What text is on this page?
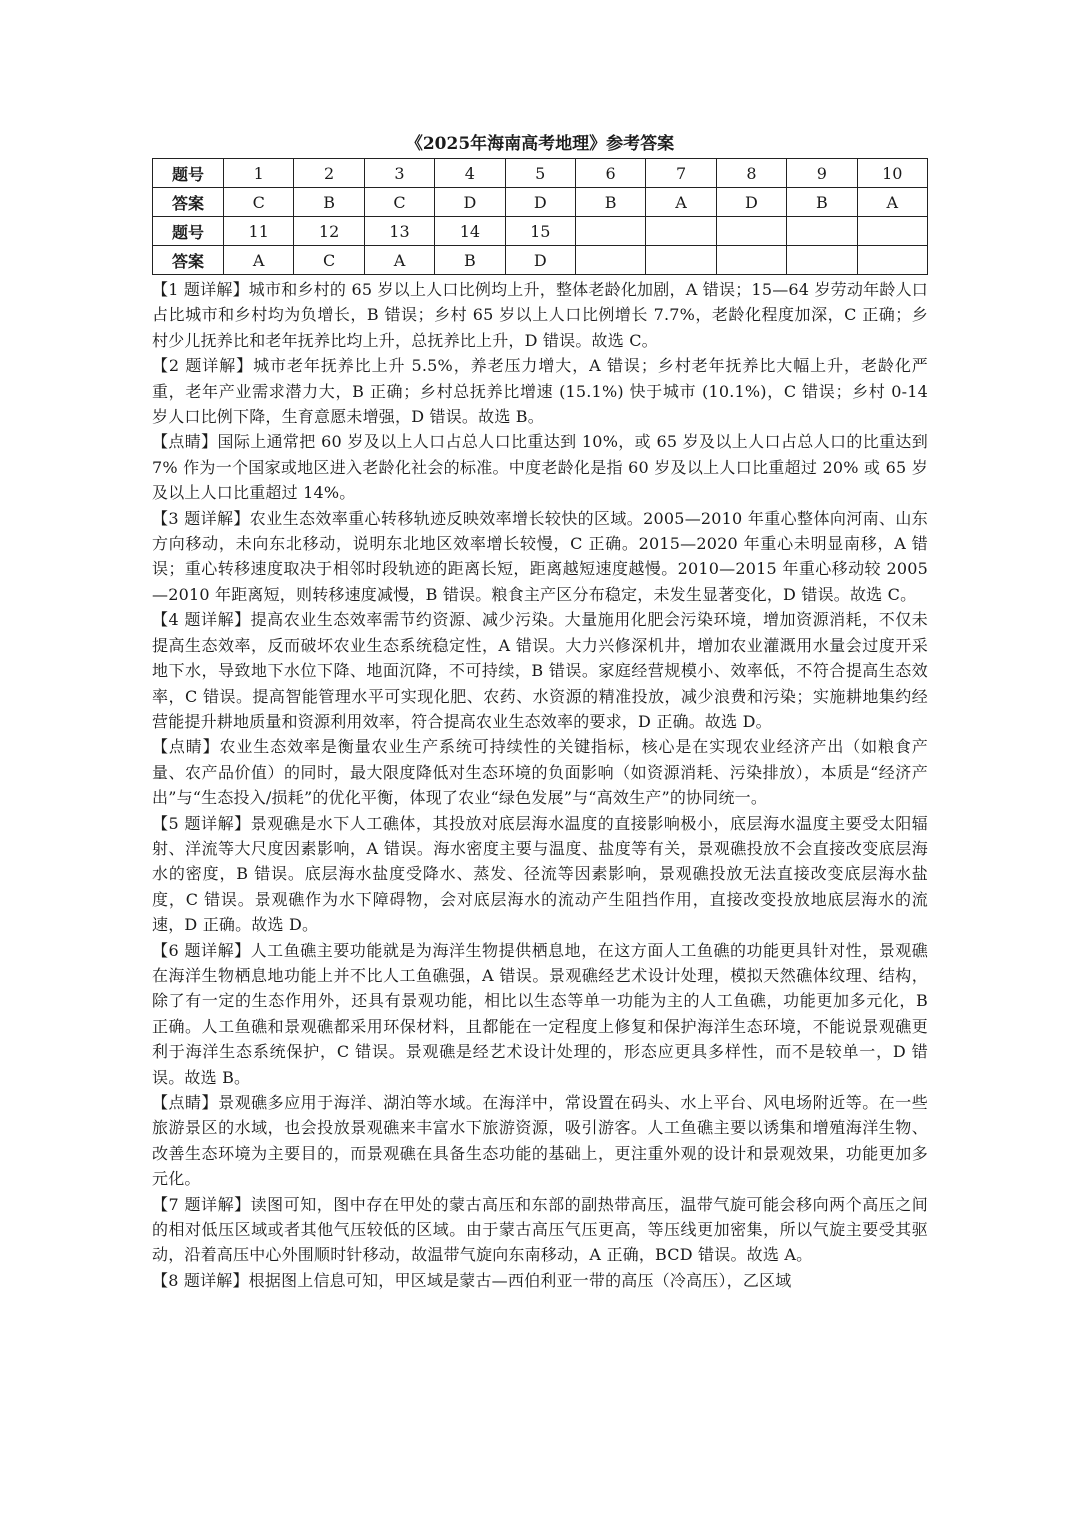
《2025年海南高考地理》参考答案
题号	1	2	3	4	5	6	7	8	9	10
答案	C	B	C	D	D	B	A	D	B	A
题号	11	12	13	14	15					
答案	A	C	A	B	D					

【1 题详解】城市和乡村的 65 岁以上人口比例均上升，整体老龄化加剧，A 错误；15—64 岁劳动年龄人口占比城市和乡村均为负增长，B 错误；乡村 65 岁以上人口比例增长 7.7%，老龄化程度加深，C 正确；乡村少儿抚养比和老年抚养比均上升，总抚养比上升，D 错误。故选 C。

【2 题详解】城市老年抚养比上升 5.5%，养老压力增大，A 错误；乡村老年抚养比大幅上升，老龄化严重，老年产业需求潜力大，B 正确；乡村总抚养比增速 (15.1%) 快于城市 (10.1%)，C 错误；乡村 0-14 岁人口比例下降，生育意愿未增强，D 错误。故选 B。

【点睛】国际上通常把 60 岁及以上人口占总人口比重达到 10%，或 65 岁及以上人口占总人口的比重达到 7% 作为一个国家或地区进入老龄化社会的标准。中度老龄化是指 60 岁及以上人口比重超过 20% 或 65 岁及以上人口比重超过 14%。

【3 题详解】农业生态效率重心转移轨迹反映效率增长较快的区域。2005—2010 年重心整体向河南、山东方向移动，未向东北移动，说明东北地区效率增长较慢，C 正确。2015—2020 年重心未明显南移，A 错误；重心转移速度取决于相邻时段轨迹的距离长短，距离越短速度越慢。2010—2015 年重心移动较 2005—2010 年距离短，则转移速度减慢，B 错误。粮食主产区分布稳定，未发生显著变化，D 错误。故选 C。

【4 题详解】提高农业生态效率需节约资源、减少污染。大量施用化肥会污染环境，增加资源消耗，不仅未提高生态效率，反而破坏农业生态系统稳定性，A 错误。大力兴修深机井，增加农业灌溉用水量会过度开采地下水，导致地下水位下降、地面沉降，不可持续，B 错误。家庭经营规模小、效率低，不符合提高生态效率，C 错误。提高智能管理水平可实现化肥、农药、水资源的精准投放，减少浪费和污染；实施耕地集约经营能提升耕地质量和资源利用效率，符合提高农业生态效率的要求，D 正确。故选 D。

【点睛】农业生态效率是衡量农业生产系统可持续性的关键指标，核心是在实现农业经济产出（如粮食产量、农产品价值）的同时，最大限度降低对生态环境的负面影响（如资源消耗、污染排放），本质是“经济产出”与“生态投入/损耗”的优化平衡，体现了农业“绿色发展”与“高效生产”的协同统一。

【5 题详解】景观礁是水下人工礁体，其投放对底层海水温度的直接影响极小，底层海水温度主要受太阳辐射、洋流等大尺度因素影响，A 错误。海水密度主要与温度、盐度等有关，景观礁投放不会直接改变底层海水的密度，B 错误。底层海水盐度受降水、蒸发、径流等因素影响，景观礁投放无法直接改变底层海水盐度，C 错误。景观礁作为水下障碍物，会对底层海水的流动产生阻挡作用，直接改变投放地底层海水的流速，D 正确。故选 D。

【6 题详解】人工鱼礁主要功能就是为海洋生物提供栖息地，在这方面人工鱼礁的功能更具针对性，景观礁在海洋生物栖息地功能上并不比人工鱼礁强，A 错误。景观礁经艺术设计处理，模拟天然礁体纹理、结构，除了有一定的生态作用外，还具有景观功能，相比以生态等单一功能为主的人工鱼礁，功能更加多元化，B 正确。人工鱼礁和景观礁都采用环保材料，且都能在一定程度上修复和保护海洋生态环境，不能说景观礁更利于海洋生态系统保护，C 错误。景观礁是经艺术设计处理的，形态应更具多样性，而不是较单一，D 错误。故选 B。

【点睛】景观礁多应用于海洋、湖泊等水域。在海洋中，常设置在码头、水上平台、风电场附近等。在一些旅游景区的水域，也会投放景观礁来丰富水下旅游资源，吸引游客。人工鱼礁主要以诱集和增殖海洋生物、改善生态环境为主要目的，而景观礁在具备生态功能的基础上，更注重外观的设计和景观效果，功能更加多元化。

【7 题详解】读图可知，图中存在甲处的蒙古高压和东部的副热带高压，温带气旋可能会移向两个高压之间的相对低压区域或者其他气压较低的区域。由于蒙古高压气压更高，等压线更加密集，所以气旋主要受其驱动，沿着高压中心外围顺时针移动，故温带气旋向东南移动，A 正确，BCD 错误。故选 A。

【8 题详解】根据图上信息可知，甲区域是蒙古—西伯利亚一带的高压（冷高压），乙区域
